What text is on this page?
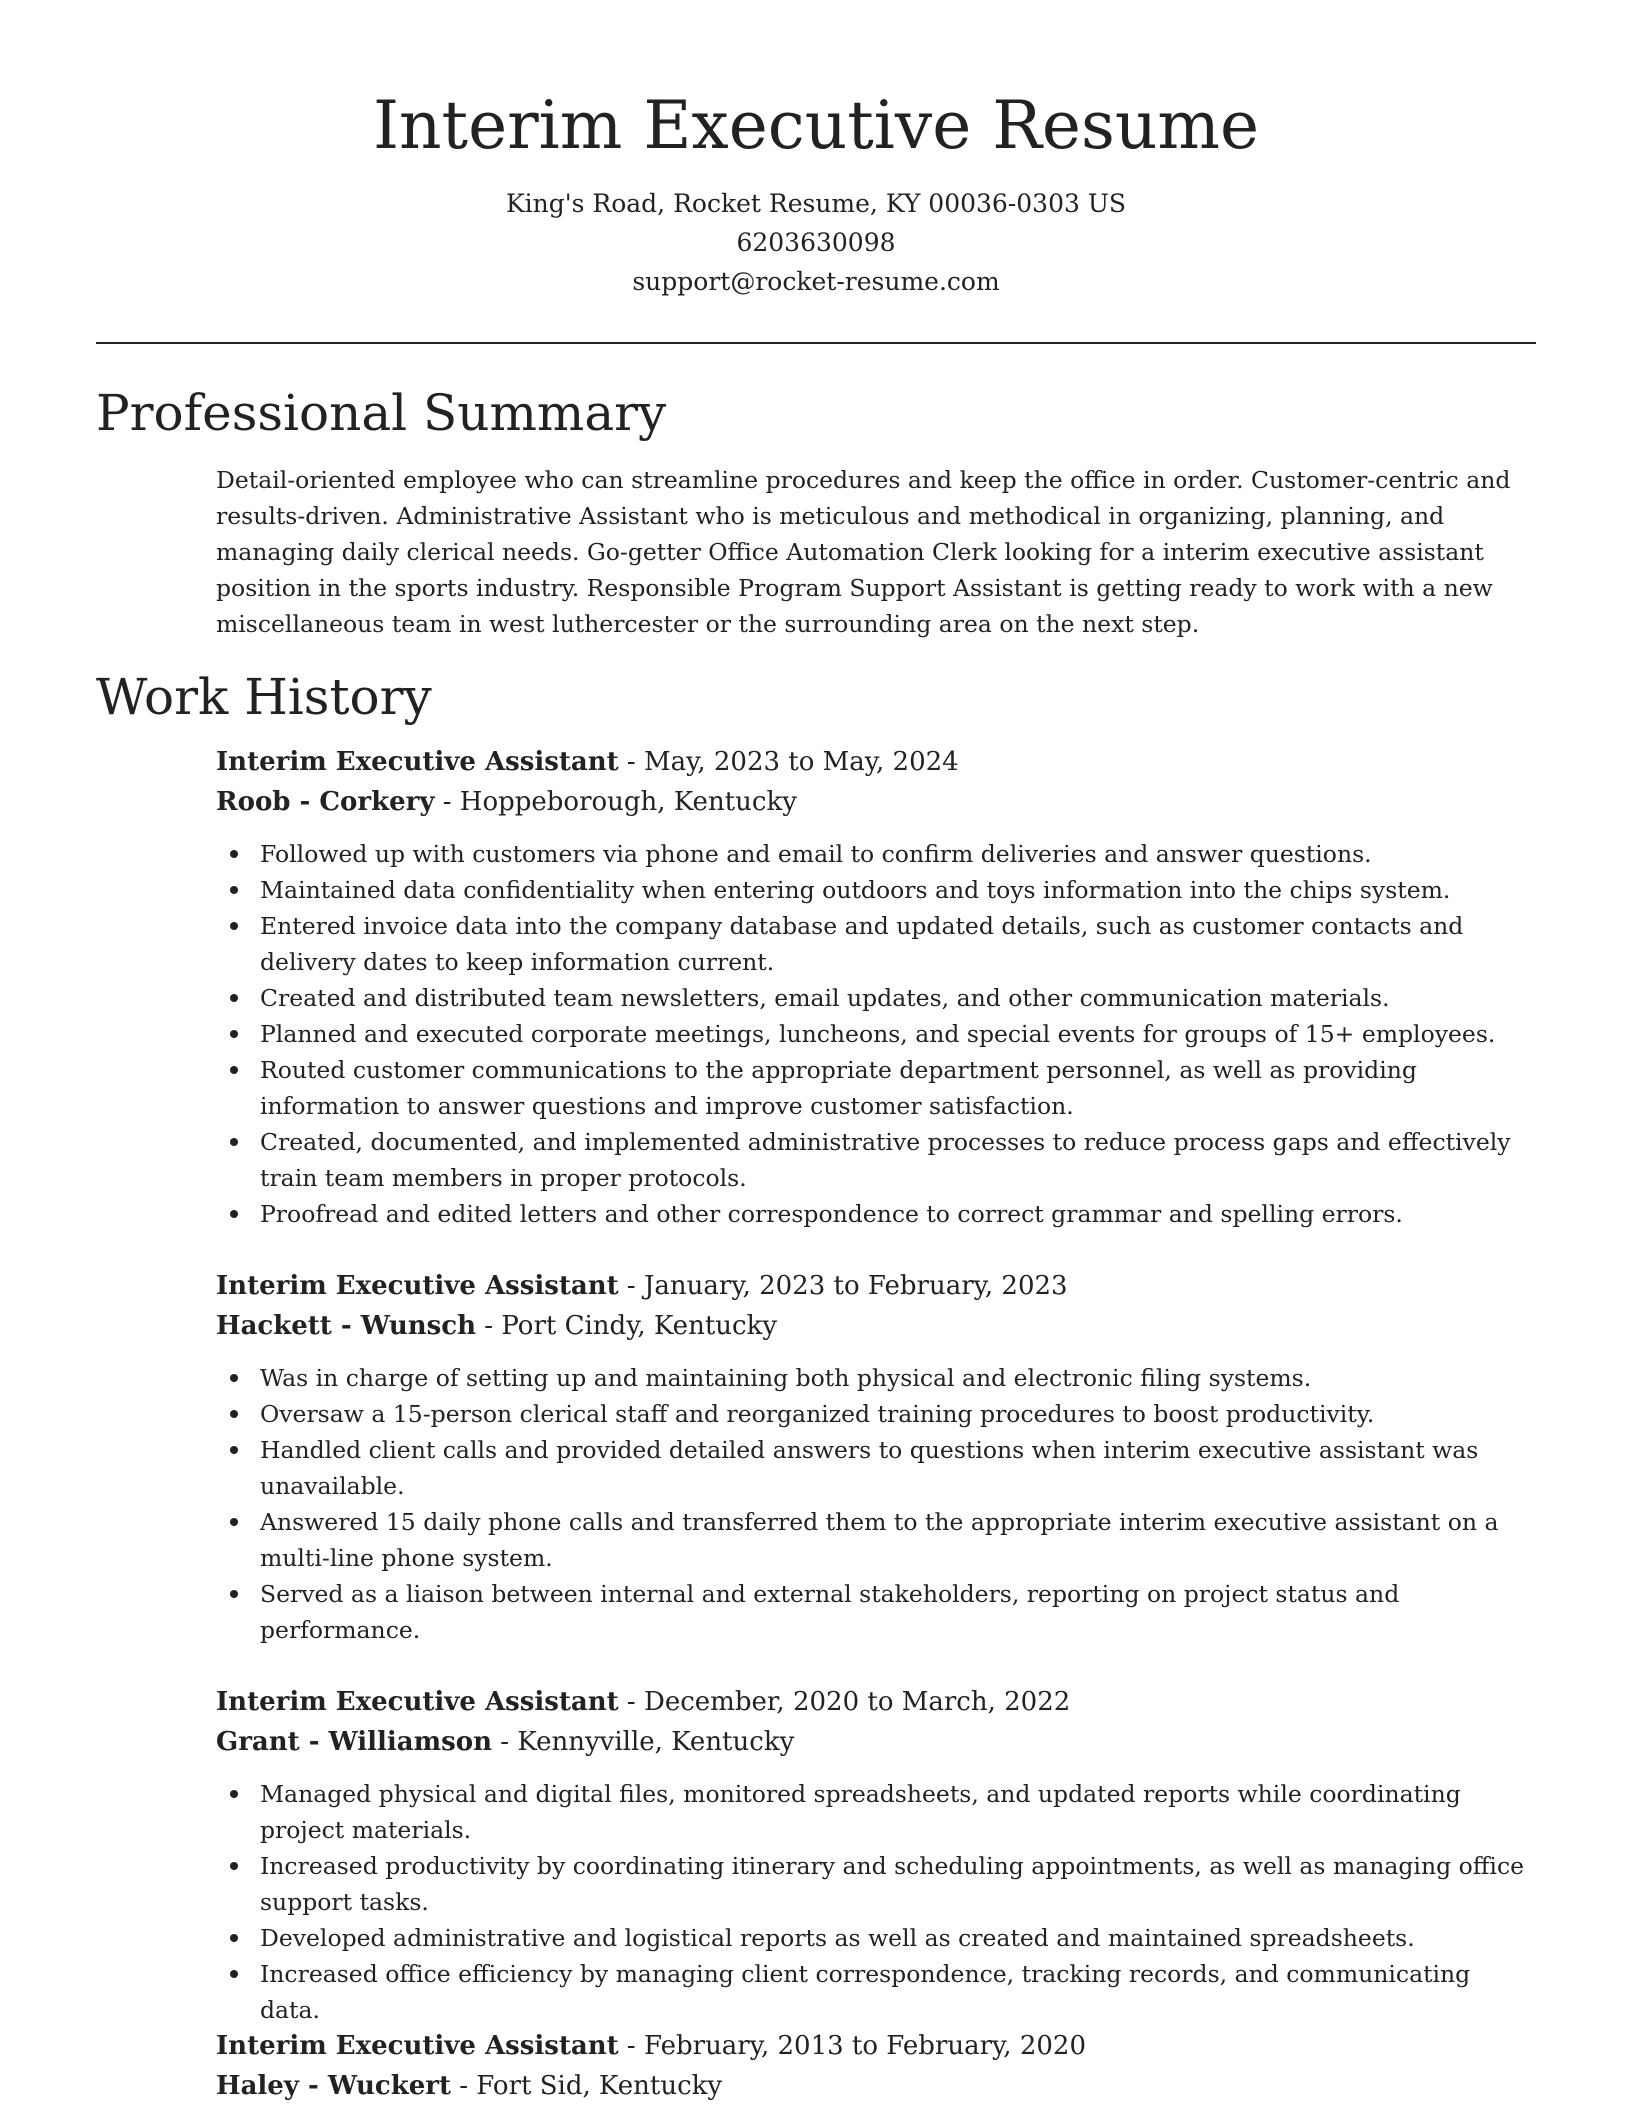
Interim Executive Resume
King's Road, Rocket Resume, KY 00036-0303 US
6203630098
support@rocket-resume.com
Professional Summary

Detail-oriented employee who can streamline procedures and keep the office in order. Customer-centric and results-driven. Administrative Assistant who is meticulous and methodical in organizing, planning, and managing daily clerical needs. Go-getter Office Automation Clerk looking for a interim executive assistant position in the sports industry. Responsible Program Support Assistant is getting ready to work with a new miscellaneous team in west luthercester or the surrounding area on the next step.

Work History
Interim Executive Assistant - May, 2023 to May, 2024
Roob - Corkery - Hoppeborough, Kentucky
Followed up with customers via phone and email to confirm deliveries and answer questions.
Maintained data confidentiality when entering outdoors and toys information into the chips system.
Entered invoice data into the company database and updated details, such as customer contacts and delivery dates to keep information current.
Created and distributed team newsletters, email updates, and other communication materials.
Planned and executed corporate meetings, luncheons, and special events for groups of 15+ employees.
Routed customer communications to the appropriate department personnel, as well as providing information to answer questions and improve customer satisfaction.
Created, documented, and implemented administrative processes to reduce process gaps and effectively train team members in proper protocols.
Proofread and edited letters and other correspondence to correct grammar and spelling errors.
Interim Executive Assistant - January, 2023 to February, 2023
Hackett - Wunsch - Port Cindy, Kentucky
Was in charge of setting up and maintaining both physical and electronic filing systems.
Oversaw a 15-person clerical staff and reorganized training procedures to boost productivity.
Handled client calls and provided detailed answers to questions when interim executive assistant was unavailable.
Answered 15 daily phone calls and transferred them to the appropriate interim executive assistant on a multi-line phone system.
Served as a liaison between internal and external stakeholders, reporting on project status and performance.
Interim Executive Assistant - December, 2020 to March, 2022
Grant - Williamson - Kennyville, Kentucky
Managed physical and digital files, monitored spreadsheets, and updated reports while coordinating project materials.
Increased productivity by coordinating itinerary and scheduling appointments, as well as managing office support tasks.
Developed administrative and logistical reports as well as created and maintained spreadsheets.
Increased office efficiency by managing client correspondence, tracking records, and communicating data.
Interim Executive Assistant - February, 2013 to February, 2020
Haley - Wuckert - Fort Sid, Kentucky
